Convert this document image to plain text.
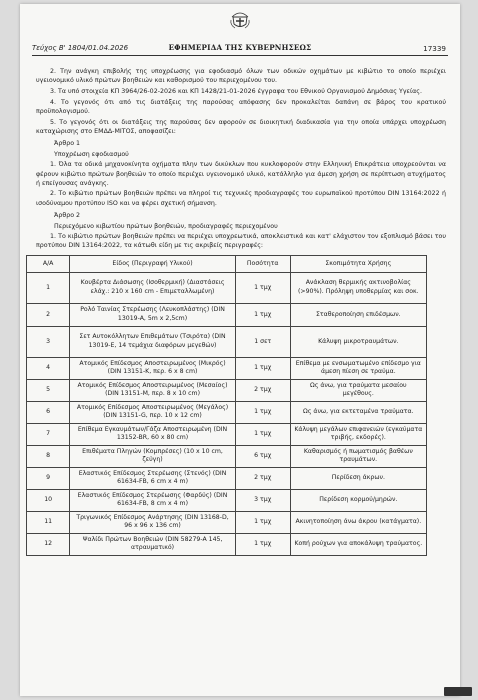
Τεύχος Β' 1804/01.04.2026	ΕΦΗΜΕΡΙΔΑ ΤΗΣ ΚΥΒΕΡΝΗΣΕΩΣ	17339

2. Την ανάγκη επιβολής της υποχρέωσης για εφοδιασμό όλων των οδικών οχημάτων με κιβώτιο το οποίο περιέχει υγειονομικό υλικό πρώτων βοηθειών και καθορισμού του περιεχομένου του.

3. Τα υπό στοιχεία ΚΠ 3964/26-02-2026 και ΚΠ 1428/21-01-2026 έγγραφα του Εθνικού Οργανισμού Δημόσιας Υγείας.

4. Το γεγονός ότι από τις διατάξεις της παρούσας απόφασης δεν προκαλείται δαπάνη σε βάρος του κρατικού προϋπολογισμού.

5. Το γεγονός ότι οι διατάξεις της παρούσας δεν αφορούν σε διοικητική διαδικασία για την οποία υπάρχει υποχρέωση καταχώρισης στο ΕΜΔΔ-ΜΙΤΟΣ, αποφασίζει:

Άρθρο 1

Υποχρέωση εφοδιασμού

1. Όλα τα οδικά μηχανοκίνητα οχήματα πλην των δικύκλων που κυκλοφορούν στην Ελληνική Επικράτεια υποχρεούνται να φέρουν κιβώτιο πρώτων βοηθειών το οποίο περιέχει υγειονομικό υλικό, κατάλληλο για άμεση χρήση σε περίπτωση ατυχήματος ή επείγουσας ανάγκης.

2. Το κιβώτιο πρώτων βοηθειών πρέπει να πληροί τις τεχνικές προδιαγραφές του ευρωπαϊκού προτύπου DIN 13164:2022 ή ισοδύναμου προτύπου ISO και να φέρει σχετική σήμανση.

Άρθρο 2

Περιεχόμενο κιβωτίου πρώτων βοηθειών, προδιαγραφές περιεχομένου

1. Το κιβώτιο πρώτων βοηθειών πρέπει να περιέχει υποχρεωτικά, αποκλειστικά και κατ' ελάχιστον τον εξοπλισμό βάσει του προτύπου DIN 13164:2022, τα κάτωθι είδη με τις ακριβείς περιγραφές:

Α/Α	Είδος (Περιγραφή Υλικού)	Ποσότητα	Σκοπιμότητα Χρήσης
1	Κουβέρτα Διάσωσης (Ισοθερμική) (Διαστάσεις ελάχ.: 210 x 160 cm - Επιμεταλλωμένη)	1 τμχ	Ανάκλαση θερμικής ακτινοβολίας (>90%). Πρόληψη υποθερμίας και σοκ.
2	Ρολό Ταινίας Στερέωσης (Λευκοπλάστης) (DIN 13019-A, 5m x 2,5cm)	1 τμχ	Σταθεροποίηση επιδέσμων.
3	Σετ Αυτοκόλλητων Επιθεμάτων (Τσιρότα) (DIN 13019-E, 14 τεμάχια διαφόρων μεγεθών)	1 σετ	Κάλυψη μικροτραυμάτων.
4	Ατομικός Επίδεσμος Αποστειρωμένος (Μικρός) (DIN 13151-K, περ. 6 x 8 cm)	1 τμχ	Επίθεμα με ενσωματωμένο επίδεσμο για άμεση πίεση σε τραύμα.
5	Ατομικός Επίδεσμος Αποστειρωμένος (Μεσαίος) (DIN 13151-M, περ. 8 x 10 cm)	2 τμχ	Ως άνω, για τραύματα μεσαίου μεγέθους.
6	Ατομικός Επίδεσμος Αποστειρωμένος (Μεγάλος) (DIN 13151-G, περ. 10 x 12 cm)	1 τμχ	Ως άνω, για εκτεταμένα τραύματα.
7	Επίθεμα Εγκαυμάτων/Γάζα Αποστειρωμένη (DIN 13152-BR, 60 x 80 cm)	1 τμχ	Κάλυψη μεγάλων επιφανειών (εγκαύματα τριβής, εκδορές).
8	Επιθέματα Πληγών (Κομπρέσες) (10 x 10 cm, ζεύγη)	6 τμχ	Καθαρισμός ή πωματισμός βαθέων τραυμάτων.
9	Ελαστικός Επίδεσμος Στερέωσης (Στενός) (DIN 61634-FB, 6 cm x 4 m)	2 τμχ	Περίδεση άκρων.
10	Ελαστικός Επίδεσμος Στερέωσης (Φαρδύς) (DIN 61634-FB, 8 cm x 4 m)	3 τμχ	Περίδεση κορμού/μηρών.
11	Τριγωνικός Επίδεσμος Ανάρτησης (DIN 13168-D, 96 x 96 x 136 cm)	1 τμχ	Ακινητοποίηση άνω άκρου (κατάγματα).
12	Ψαλίδι Πρώτων Βοηθειών (DIN 58279-A 145, ατραυματικό)	1 τμχ	Κοπή ρούχων για αποκάλυψη τραύματος.
